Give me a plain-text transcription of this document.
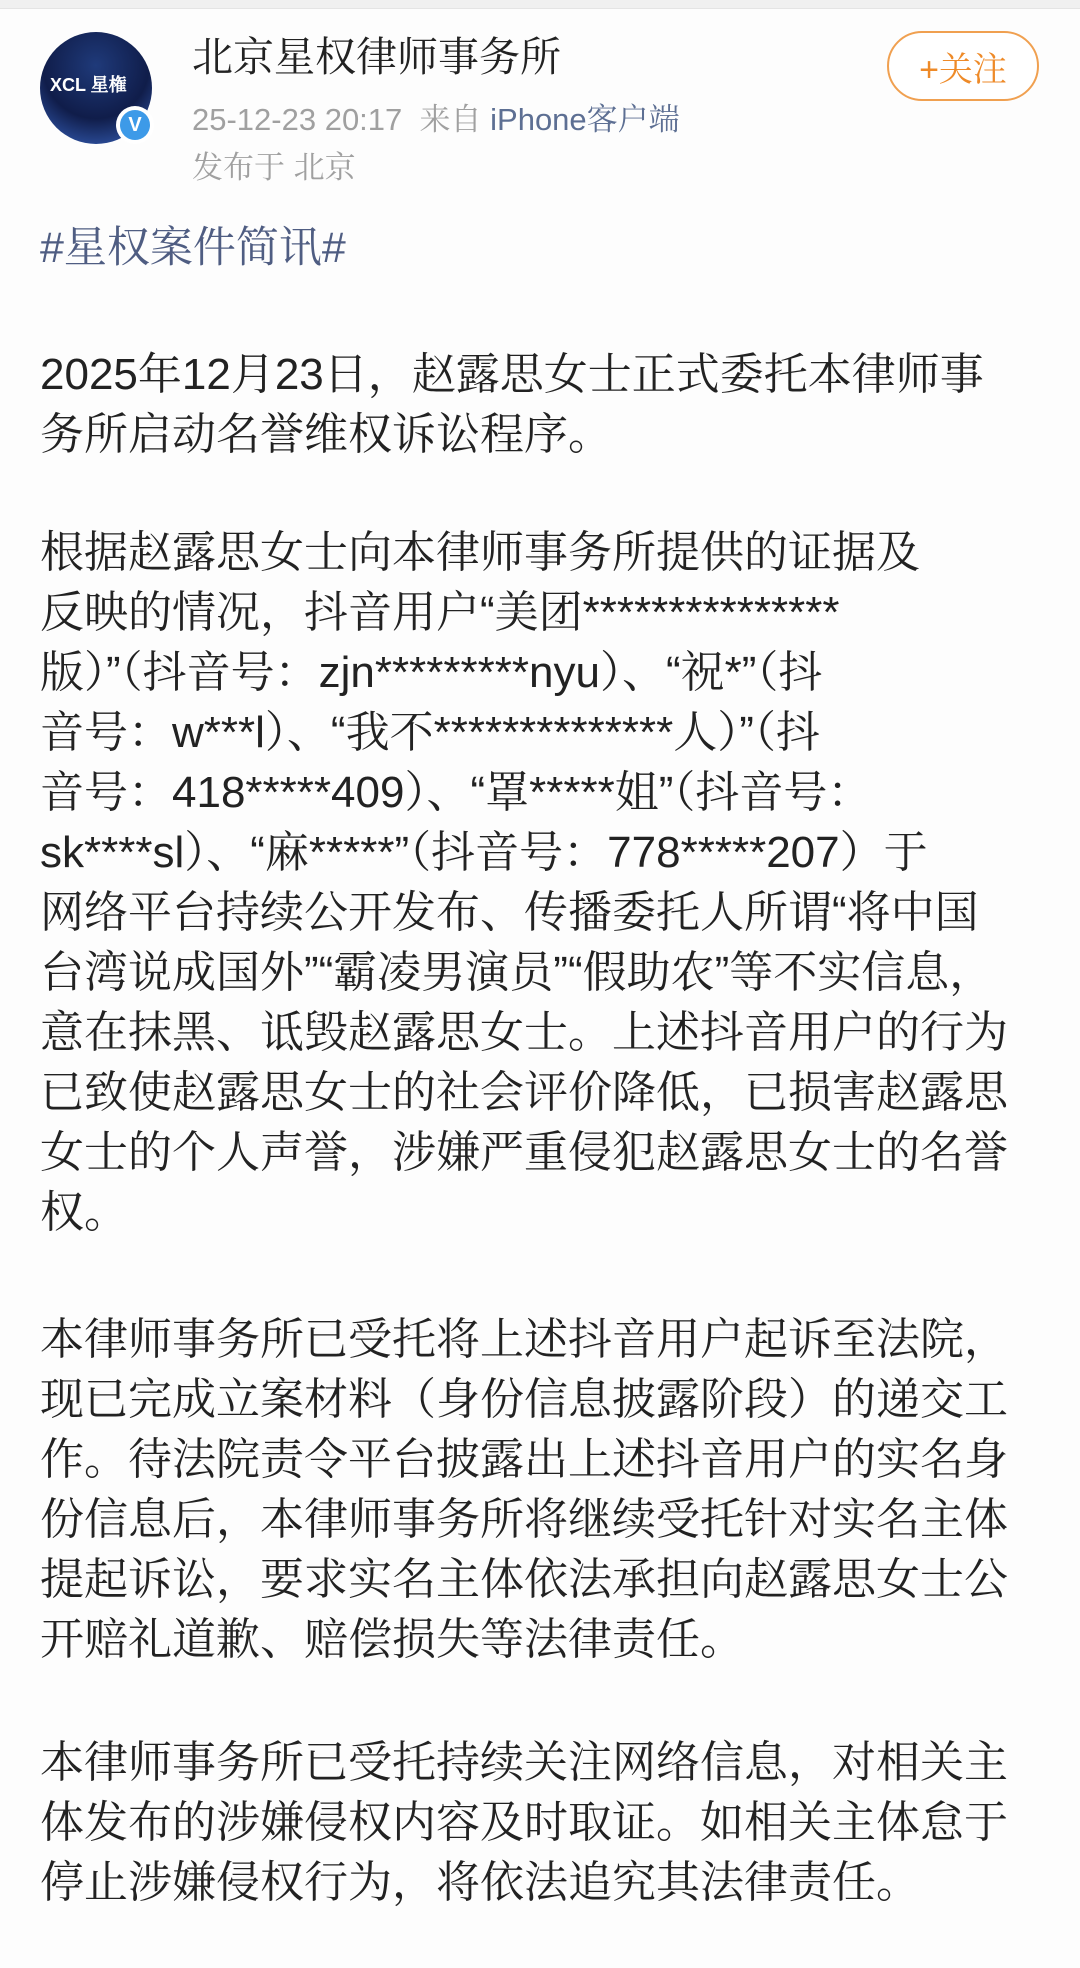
XCL 星権
V
北京星权律师事务所
25-12-23 20:17 来自 iPhone客户端
发布于 北京
+关注
#星权案件简讯#
2025年12月23日，赵露思女士正式委托本律师事
务所启动名誉维权诉讼程序。
根据赵露思女士向本律师事务所提供的证据及
反映的情况，抖音用户“美团***************
版）”（抖音号：zjn*********nyu）、“祝*”（抖
音号：w***l）、“我不**************人）”（抖
音号：418*****409）、“罩*****姐”（抖音号：
sk****sl）、“麻*****”（抖音号：778*****207）于
网络平台持续公开发布、传播委托人所谓“将中国
台湾说成国外”“霸凌男演员”“假助农”等不实信息，
意在抹黑、诋毁赵露思女士。上述抖音用户的行为
已致使赵露思女士的社会评价降低，已损害赵露思
女士的个人声誉，涉嫌严重侵犯赵露思女士的名誉
权。
本律师事务所已受托将上述抖音用户起诉至法院，
现已完成立案材料（身份信息披露阶段）的递交工
作。待法院责令平台披露出上述抖音用户的实名身
份信息后，本律师事务所将继续受托针对实名主体
提起诉讼，要求实名主体依法承担向赵露思女士公
开赔礼道歉、赔偿损失等法律责任。
本律师事务所已受托持续关注网络信息，对相关主
体发布的涉嫌侵权内容及时取证。如相关主体怠于
停止涉嫌侵权行为，将依法追究其法律责任。
